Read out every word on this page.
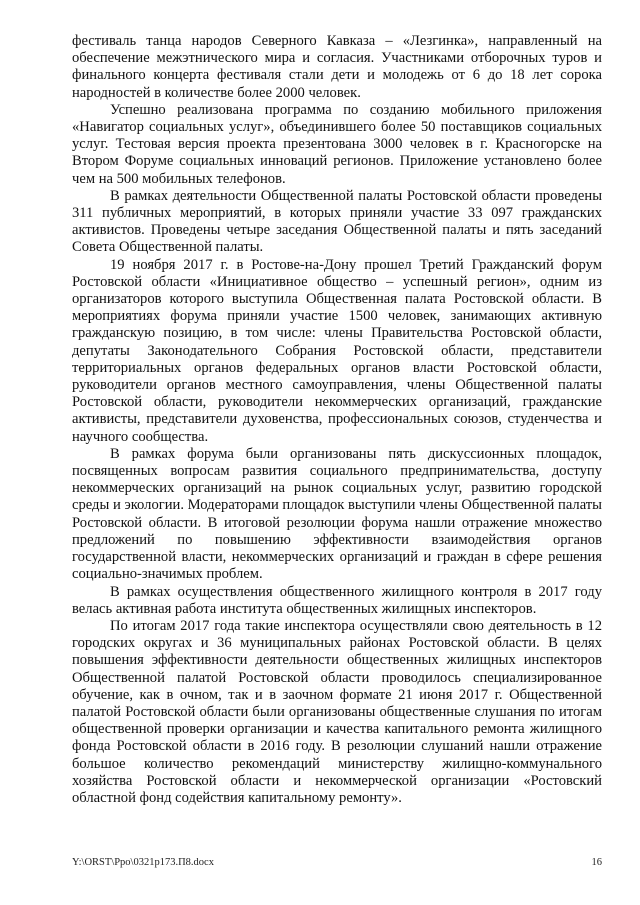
фестиваль танца народов Северного Кавказа – «Лезгинка», направленный на обеспечение межэтнического мира и согласия. Участниками отборочных туров и финального концерта фестиваля стали дети и молодежь от 6 до 18 лет сорока народностей в количестве более 2000 человек.

Успешно реализована программа по созданию мобильного приложения «Навигатор социальных услуг», объединившего более 50 поставщиков социальных услуг. Тестовая версия проекта презентована 3000 человек в г. Красногорске на Втором Форуме социальных инноваций регионов. Приложение установлено более чем на 500 мобильных телефонов.

В рамках деятельности Общественной палаты Ростовской области проведены 311 публичных мероприятий, в которых приняли участие 33 097 гражданских активистов. Проведены четыре заседания Общественной палаты и пять заседаний Совета Общественной палаты.

19 ноября 2017 г. в Ростове-на-Дону прошел Третий Гражданский форум Ростовской области «Инициативное общество – успешный регион», одним из организаторов которого выступила Общественная палата Ростовской области. В мероприятиях форума приняли участие 1500 человек, занимающих активную гражданскую позицию, в том числе: члены Правительства Ростовской области, депутаты Законодательного Собрания Ростовской области, представители территориальных органов федеральных органов власти Ростовской области, руководители органов местного самоуправления, члены Общественной палаты Ростовской области, руководители некоммерческих организаций, гражданские активисты, представители духовенства, профессиональных союзов, студенчества и научного сообщества.

В рамках форума были организованы пять дискуссионных площадок, посвященных вопросам развития социального предпринимательства, доступу некоммерческих организаций на рынок социальных услуг, развитию городской среды и экологии. Модераторами площадок выступили члены Общественной палаты Ростовской области. В итоговой резолюции форума нашли отражение множество предложений по повышению эффективности взаимодействия органов государственной власти, некоммерческих организаций и граждан в сфере решения социально-значимых проблем.

В рамках осуществления общественного жилищного контроля в 2017 году велась активная работа института общественных жилищных инспекторов.

По итогам 2017 года такие инспектора осуществляли свою деятельность в 12 городских округах и 36 муниципальных районах Ростовской области. В целях повышения эффективности деятельности общественных жилищных инспекторов Общественной палатой Ростовской области проводилось специализированное обучение, как в очном, так и в заочном формате 21 июня 2017 г. Общественной палатой Ростовской области были организованы общественные слушания по итогам общественной проверки организации и качества капитального ремонта жилищного фонда Ростовской области в 2016 году. В резолюции слушаний нашли отражение большое количество рекомендаций министерству жилищно-коммунального хозяйства Ростовской области и некоммерческой организации «Ростовский областной фонд содействия капитальному ремонту».

Y:\ORST\Ppo\0321p173.П8.docx	16
